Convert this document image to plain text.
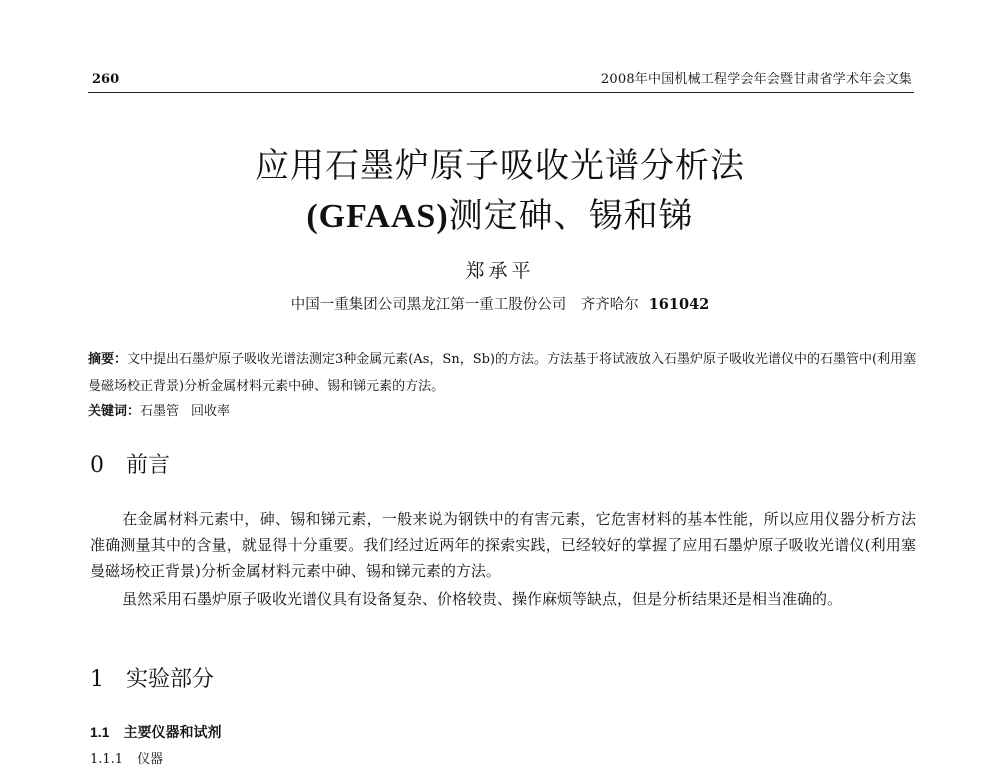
260	2008年中国机械工程学会年会暨甘肃省学术年会文集
应用石墨炉原子吸收光谱分析法
(GFAAS)测定砷、锡和锑
郑承平
中国一重集团公司黑龙江第一重工股份公司　齐齐哈尔 161042
摘要：文中提出石墨炉原子吸收光谱法测定3种金属元素(As，Sn，Sb)的方法。方法基于将试液放入石墨炉原子吸收光谱仪中的石墨管中(利用塞曼磁场校正背景)分析金属材料元素中砷、锡和锑元素的方法。
关键词：石墨管 回收率
0 前言
在金属材料元素中，砷、锡和锑元素，一般来说为钢铁中的有害元素，它危害材料的基本性能，所以应用仪器分析方法准确测量其中的含量，就显得十分重要。我们经过近两年的探索实践，已经较好的掌握了应用石墨炉原子吸收光谱仪(利用塞曼磁场校正背景)分析金属材料元素中砷、锡和锑元素的方法。
虽然采用石墨炉原子吸收光谱仪具有设备复杂、价格较贵、操作麻烦等缺点，但是分析结果还是相当准确的。
1 实验部分
1.1 主要仪器和试剂
1.1.1 仪器
